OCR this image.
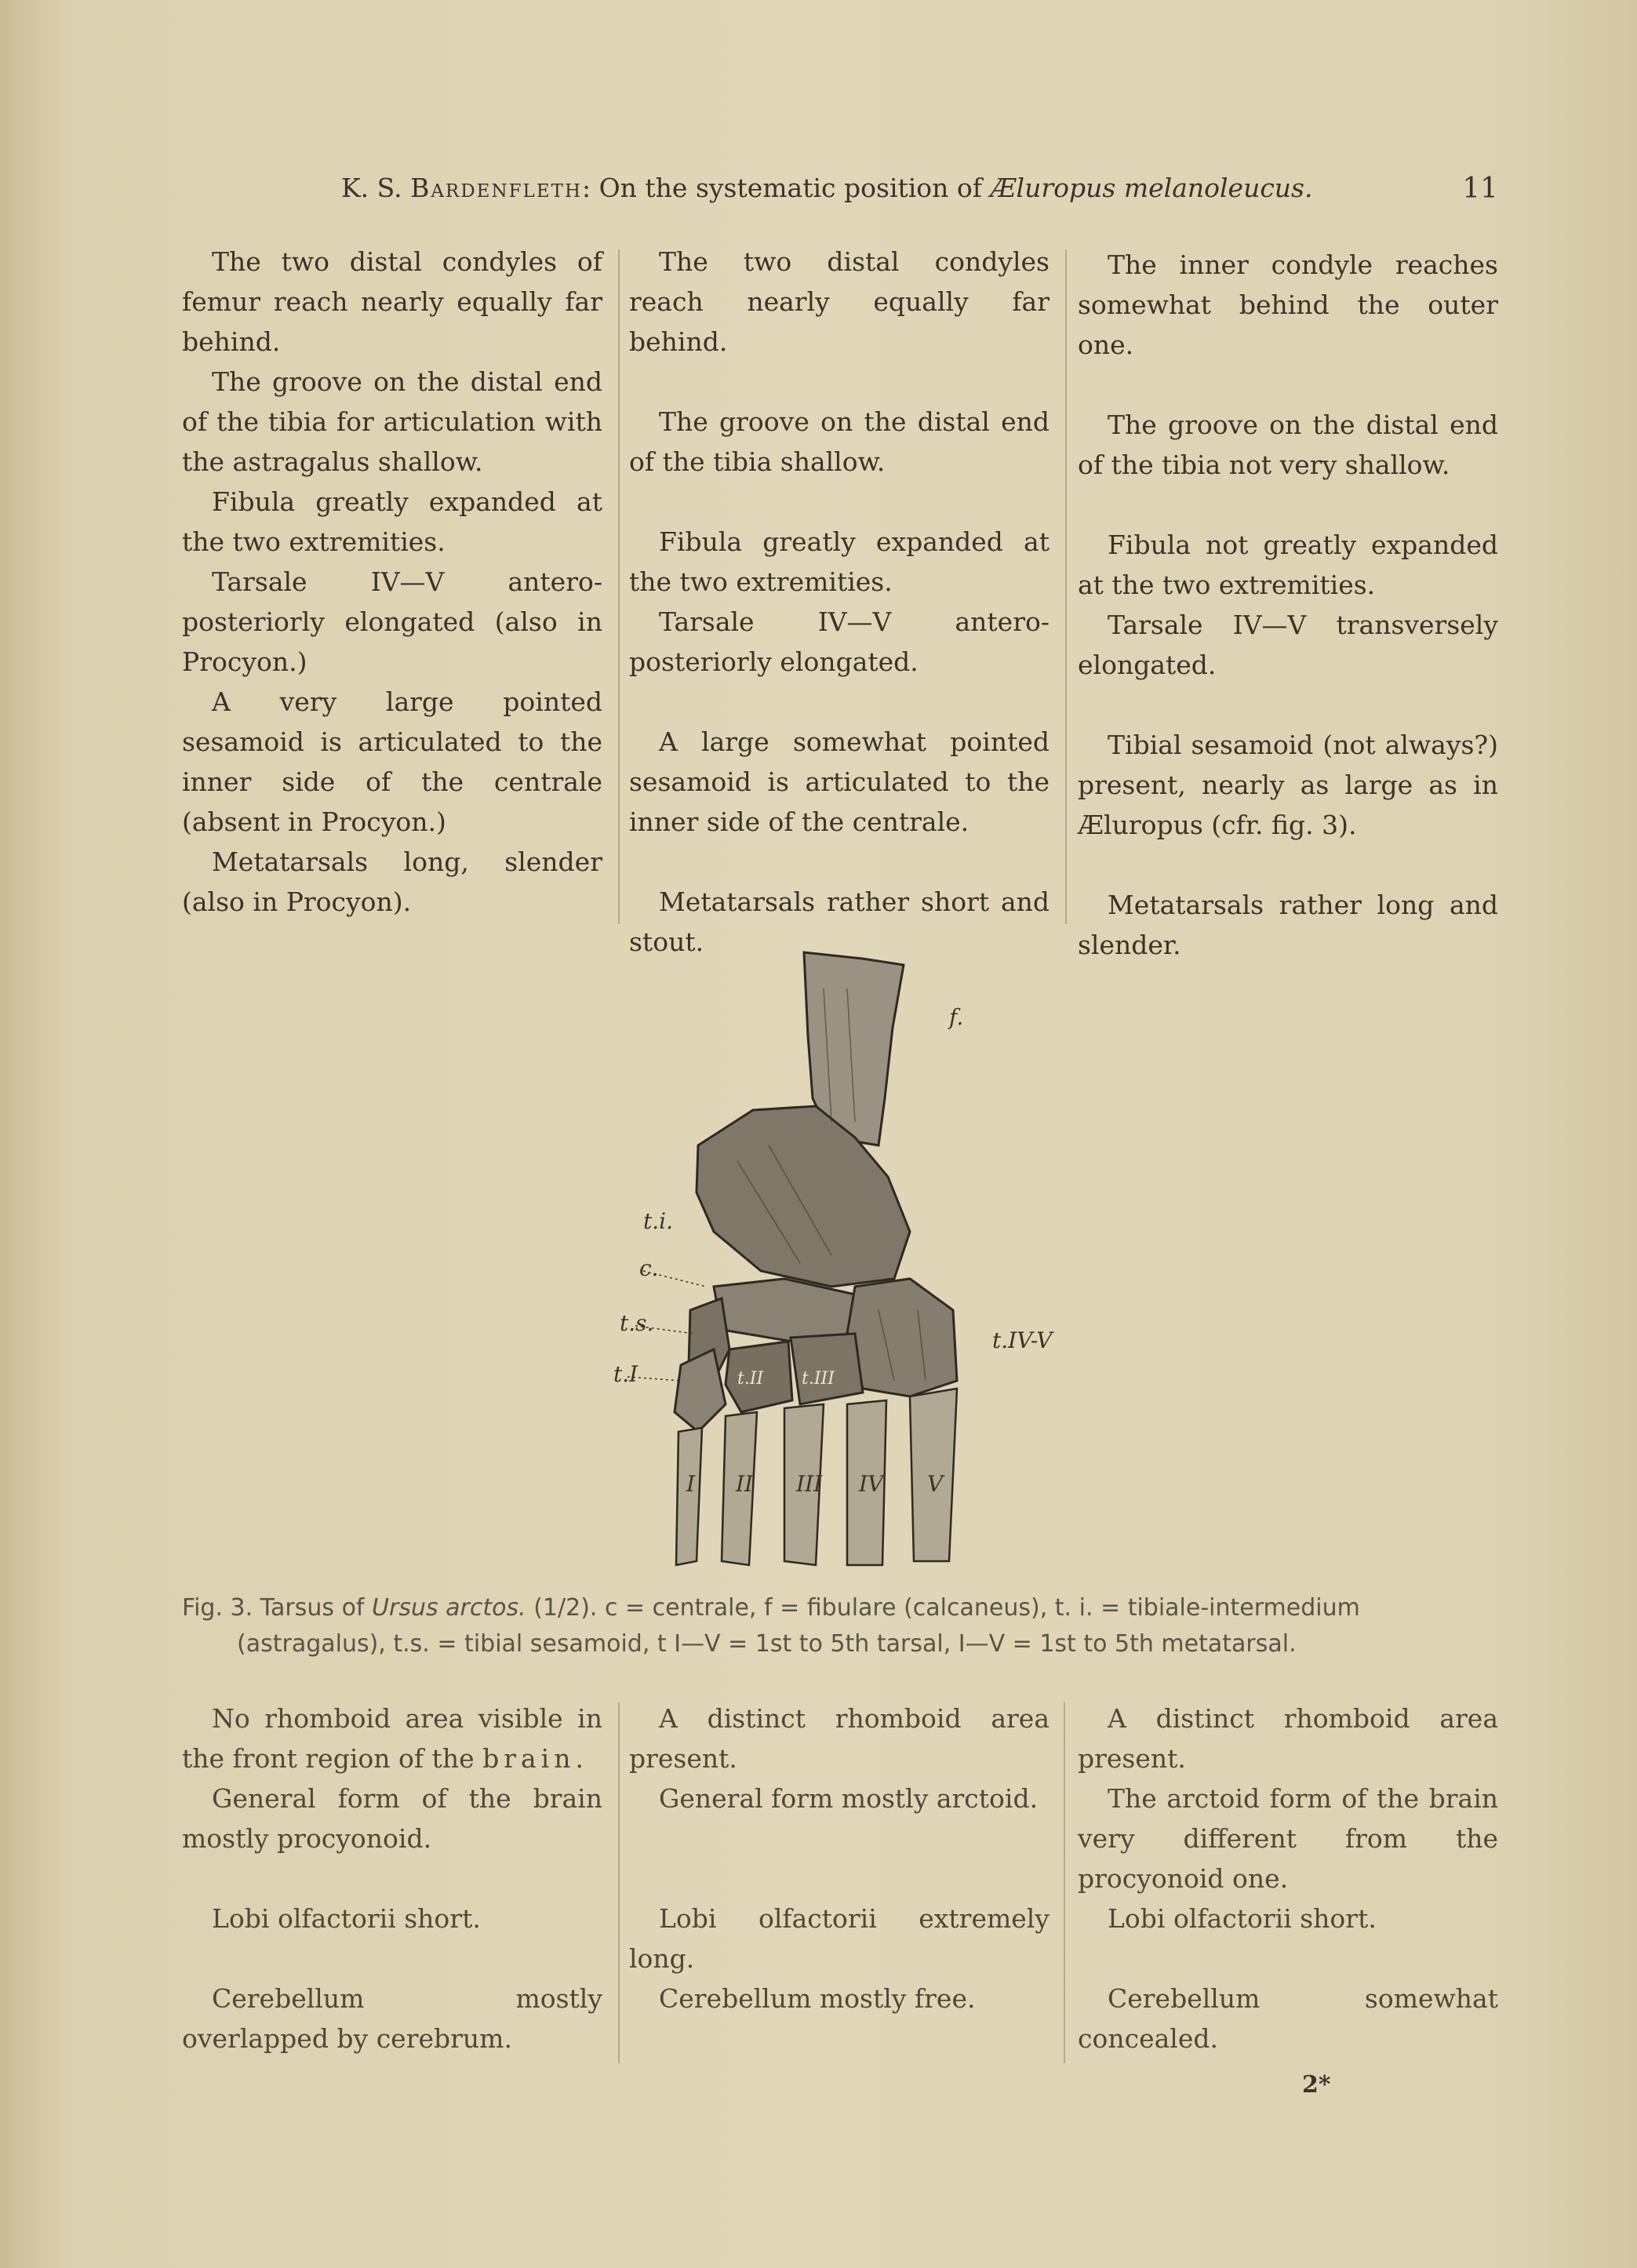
K. S. Bardenfleth: On the systematic position of Æluropus melanoleucus.	11

The two distal condyles of femur reach nearly equally far behind.

The groove on the distal end of the tibia for articulation with the astragalus shallow.

Fibula greatly expanded at the two extremities.

Tarsale IV—V antero-posteriorly elongated (also in Procyon.)

A very large pointed sesamoid is articulated to the inner side of the centrale (absent in Procyon.)

Metatarsals long, slender (also in Procyon).

The two distal condyles reach nearly equally far behind.

The groove on the distal end of the tibia shallow.

Fibula greatly expanded at the two extremities.

Tarsale IV—V antero-posteriorly elongated.

A large somewhat pointed sesamoid is articulated to the inner side of the centrale.

Metatarsals rather short and stout.

The inner condyle reaches somewhat behind the outer one.

The groove on the distal end of the tibia not very shallow.

Fibula not greatly expanded at the two extremities.

Tarsale IV—V transversely elongated.

Tibial sesamoid (not always?) present, nearly as large as in Æluropus (cfr. fig. 3).

Metatarsals rather long and slender.

f.
t.i.
c.
t.s.
t.I	t.II t.III
t.IV-V
I II III IV V
Fig. 3. Tarsus of Ursus arctos. (1/2). c = centrale, f = fibulare (calcaneus), t. i. = tibiale-intermedium
(astragalus), t.s. = tibial sesamoid, t I—V = 1st to 5th tarsal, I—V = 1st to 5th metatarsal.

No rhomboid area visible in the front region of the brain.

General form of the brain mostly procyonoid.

Lobi olfactorii short.

Cerebellum mostly overlapped by cerebrum.

A distinct rhomboid area present.

General form mostly arctoid.

Lobi olfactorii extremely long.

Cerebellum mostly free.

A distinct rhomboid area present.

The arctoid form of the brain very different from the procyonoid one.

Lobi olfactorii short.

Cerebellum somewhat concealed.

2*
